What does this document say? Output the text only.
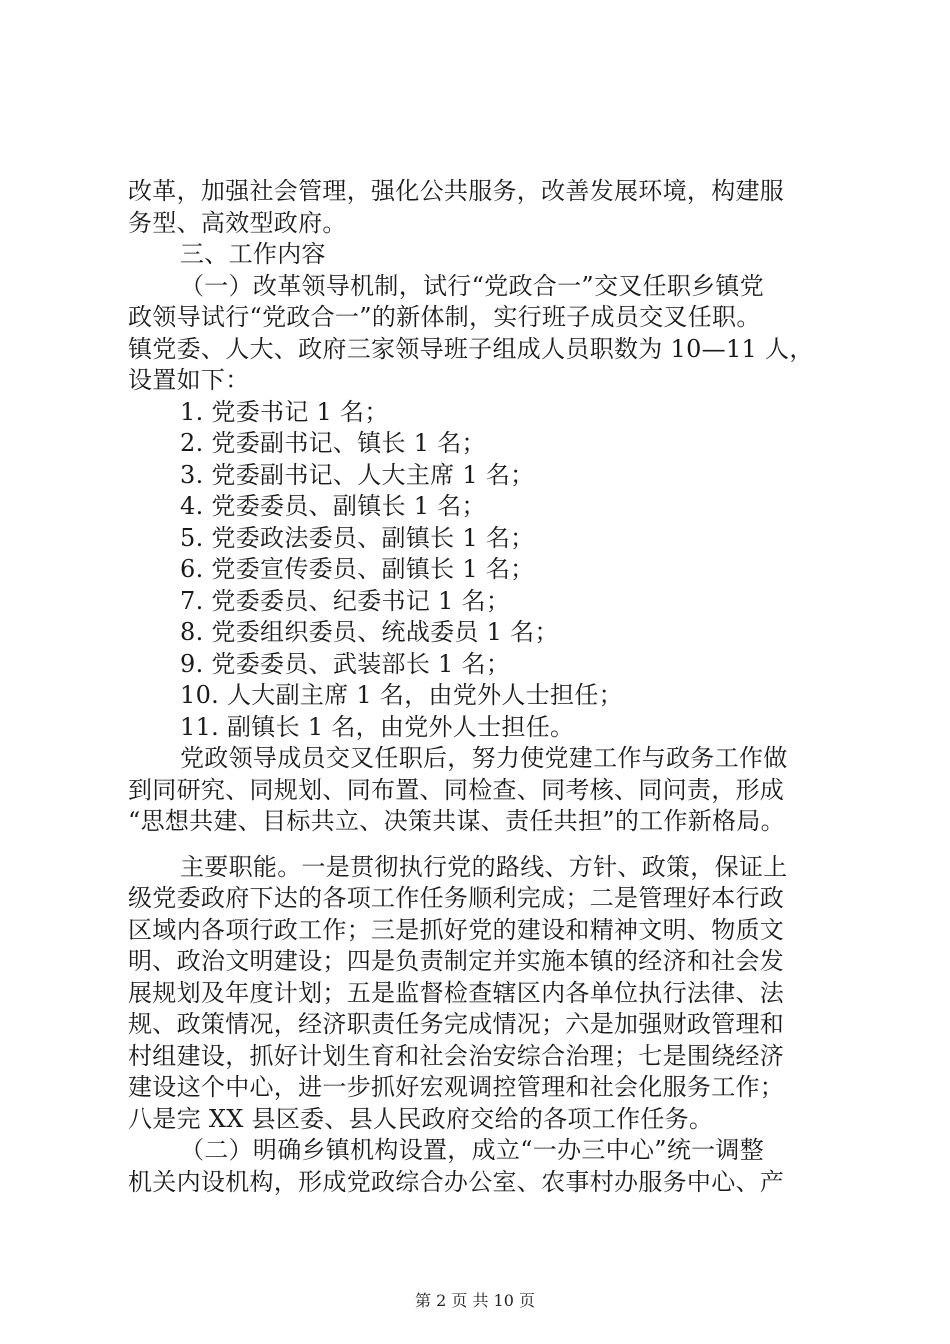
改革，加强社会管理，强化公共服务，改善发展环境，构建服
务型、高效型政府。
三、工作内容
（一）改革领导机制，试行“党政合一”交叉任职乡镇党
政领导试行“党政合一”的新体制，实行班子成员交叉任职。
镇党委、人大、政府三家领导班子组成人员职数为 10—11 人，
设置如下：
1. 党委书记 1 名；
2. 党委副书记、镇长 1 名；
3. 党委副书记、人大主席 1 名；
4. 党委委员、副镇长 1 名；
5. 党委政法委员、副镇长 1 名；
6. 党委宣传委员、副镇长 1 名；
7. 党委委员、纪委书记 1 名；
8. 党委组织委员、统战委员 1 名；
9. 党委委员、武装部长 1 名；
10. 人大副主席 1 名，由党外人士担任；
11. 副镇长 1 名，由党外人士担任。
党政领导成员交叉任职后，努力使党建工作与政务工作做
到同研究、同规划、同布置、同检查、同考核、同问责，形成
“思想共建、目标共立、决策共谋、责任共担”的工作新格局。
主要职能。一是贯彻执行党的路线、方针、政策，保证上
级党委政府下达的各项工作任务顺利完成；二是管理好本行政
区域内各项行政工作；三是抓好党的建设和精神文明、物质文
明、政治文明建设；四是负责制定并实施本镇的经济和社会发
展规划及年度计划；五是监督检查辖区内各单位执行法律、法
规、政策情况，经济职责任务完成情况；六是加强财政管理和
村组建设，抓好计划生育和社会治安综合治理；七是围绕经济
建设这个中心，进一步抓好宏观调控管理和社会化服务工作；
八是完 XX 县区委、县人民政府交给的各项工作任务。
（二）明确乡镇机构设置，成立“一办三中心”统一调整
机关内设机构，形成党政综合办公室、农事村办服务中心、产
第 2 页 共 10 页
